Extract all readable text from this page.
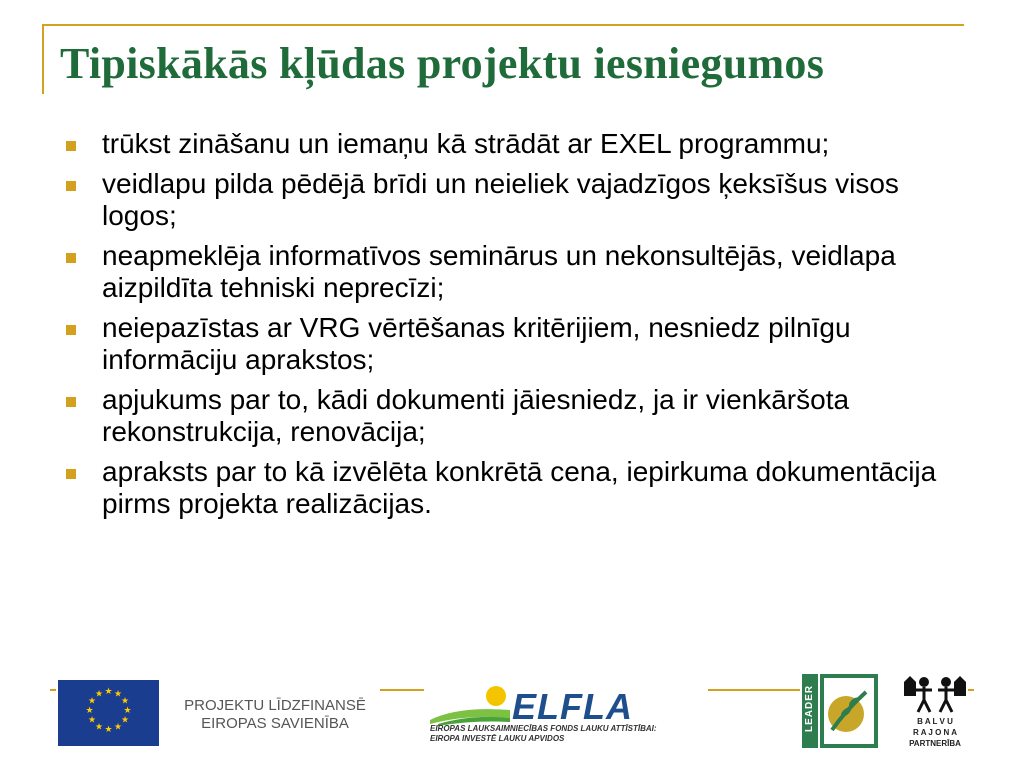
Tipiskākās kļūdas projektu iesniegumos
trūkst zināšanu un iemaņu kā strādāt ar EXEL programmu;
veidlapu pilda pēdējā brīdi un neieliek vajadzīgos ķeksīšus visos logos;
neapmeklēja informatīvos seminārus un nekonsultējās, veidlapa aizpildīta tehniski neprecīzi;
neiepazīstas ar VRG vērtēšanas kritērijiem, nesniedz pilnīgu informāciju aprakstos;
apjukums par to, kādi dokumenti jāiesniedz, ja ir vienkāršota rekonstrukcija, renovācija;
apraksts par to kā izvēlēta konkrētā cena, iepirkuma dokumentācija pirms projekta realizācijas.
★ ★
★
★
★
★
★
★
★
★
★
★
PROJEKTU LĪDZFINANSĒ
EIROPAS SAVIENĪBA	ELFLA
EIROPAS LAUKSAIMNIECĪBAS FONDS LAUKU ATTĪSTĪBAI:
EIROPA INVESTĒ LAUKU APVIDOS
LEADER	B A L V U
R A J O N A
PARTNERĪBA
